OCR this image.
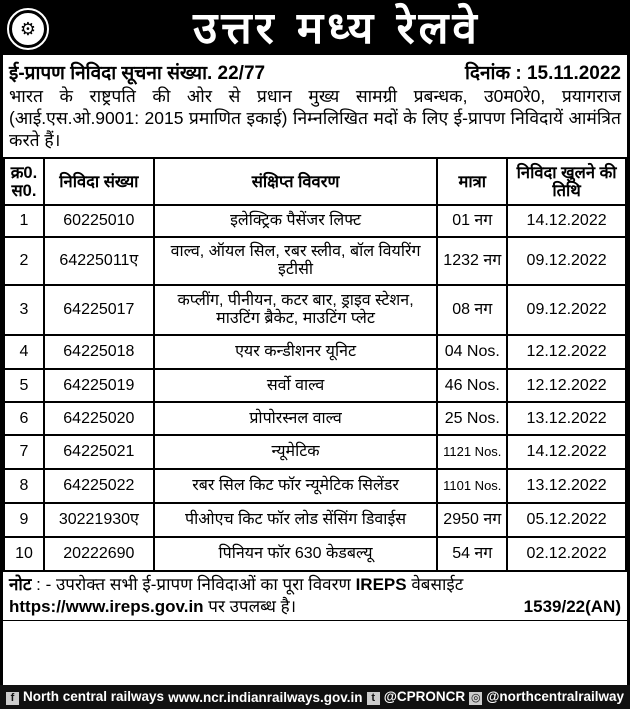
⚙	उत्तर मध्य रेलवे
ई-प्रापण निविदा सूचना संख्या. 22/77	दिनांक : 15.11.2022
भारत के राष्ट्रपति की ओर से प्रधान मुख्य सामग्री प्रबन्धक, उ0म0रे0, प्रयागराज (आई.एस.ओ.9001: 2015 प्रमाणित इकाई) निम्नलिखित मदों के लिए ई-प्रापण निविदायें आमंत्रित करते हैं।
क्र0. स0.	निविदा संख्या	संक्षिप्त विवरण	मात्रा	निविदा खुलने की तिथि
1	60225010	इलेक्ट्रिक पैसेंजर लिफ्ट	01 नग	14.12.2022
2	64225011ए	वाल्व, ऑयल सिल, रबर स्लीव, बॉल वियरिंग इटीसी	1232 नग	09.12.2022
3	64225017	कप्लींग, पीनीयन, कटर बार, ड्राइव स्टेशन, माउटिंग ब्रैकेट, माउटिंग प्लेट	08 नग	09.12.2022
4	64225018	एयर कन्डीशनर यूनिट	04 Nos.	12.12.2022
5	64225019	सर्वो वाल्व	46 Nos.	12.12.2022
6	64225020	प्रोपोरस्नल वाल्व	25 Nos.	13.12.2022
7	64225021	न्यूमेटिक	1121 Nos.	14.12.2022
8	64225022	रबर सिल किट फॉर न्यूमेटिक सिलेंडर	1101 Nos.	13.12.2022
9	30221930ए	पीओएच किट फॉर लोड सेंसिंग डिवाईस	2950 नग	05.12.2022
10	20222690	पिनियन फॉर 630 केडबल्यू	54 नग	02.12.2022
नोट : - उपरोक्त सभी ई-प्रापण निविदाओं का पूरा विवरण IREPS वेबसाईट
https://www.ireps.gov.in पर उपलब्ध है।	1539/22(AN)
f North central railways www.ncr.indianrailways.gov.in t @CPRONCR ◎ @northcentralrailway
